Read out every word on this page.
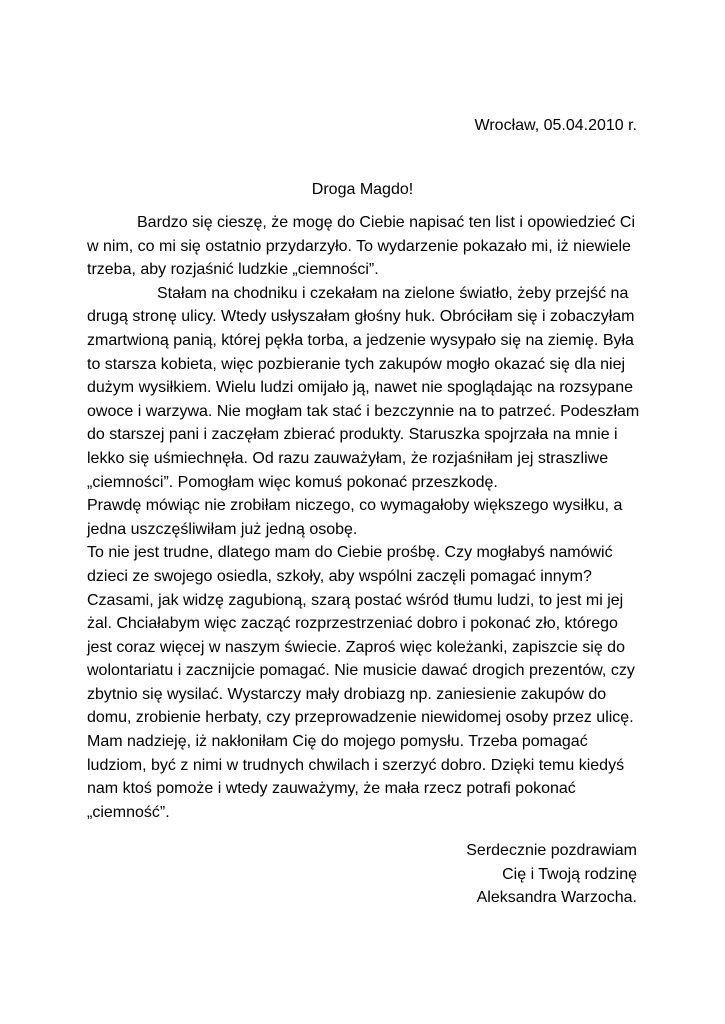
Wrocław, 05.04.2010 r.
Droga Magdo!
Bardzo się cieszę, że mogę do Ciebie napisać ten list i opowiedzieć Ci
w nim, co mi się ostatnio przydarzyło. To wydarzenie pokazało mi, iż niewiele
trzeba, aby rozjaśnić ludzkie „ciemności”.
Stałam na chodniku i czekałam na zielone światło, żeby przejść na
drugą stronę ulicy. Wtedy usłyszałam głośny huk. Obróciłam się i zobaczyłam
zmartwioną panią, której pękła torba, a jedzenie wysypało się na ziemię. Była
to starsza kobieta, więc pozbieranie tych zakupów mogło okazać się dla niej
dużym wysiłkiem. Wielu ludzi omijało ją, nawet nie spoglądając na rozsypane
owoce i warzywa. Nie mogłam tak stać i bezczynnie na to patrzeć. Podeszłam
do starszej pani i zaczęłam zbierać produkty. Staruszka spojrzała na mnie i
lekko się uśmiechnęła. Od razu zauważyłam, że rozjaśniłam jej straszliwe
„ciemności”. Pomogłam więc komuś pokonać przeszkodę.
Prawdę mówiąc nie zrobiłam niczego, co wymagałoby większego wysiłku, a
jedna uszczęśliwiłam już jedną osobę.
To nie jest trudne, dlatego mam do Ciebie prośbę. Czy mogłabyś namówić
dzieci ze swojego osiedla, szkoły, aby wspólni zaczęli pomagać innym?
Czasami, jak widzę zagubioną, szarą postać wśród tłumu ludzi, to jest mi jej
żal. Chciałabym więc zacząć rozprzestrzeniać dobro i pokonać zło, którego
jest coraz więcej w naszym świecie. Zaproś więc koleżanki, zapiszcie się do
wolontariatu i zacznijcie pomagać. Nie musicie dawać drogich prezentów, czy
zbytnio się wysilać. Wystarczy mały drobiazg np. zaniesienie zakupów do
domu, zrobienie herbaty, czy przeprowadzenie niewidomej osoby przez ulicę.
Mam nadzieję, iż nakłoniłam Cię do mojego pomysłu. Trzeba pomagać
ludziom, być z nimi w trudnych chwilach i szerzyć dobro. Dzięki temu kiedyś
nam ktoś pomoże i wtedy zauważymy, że mała rzecz potrafi pokonać
„ciemność”.
Serdecznie pozdrawiam
Cię i Twoją rodzinę
Aleksandra Warzocha.
